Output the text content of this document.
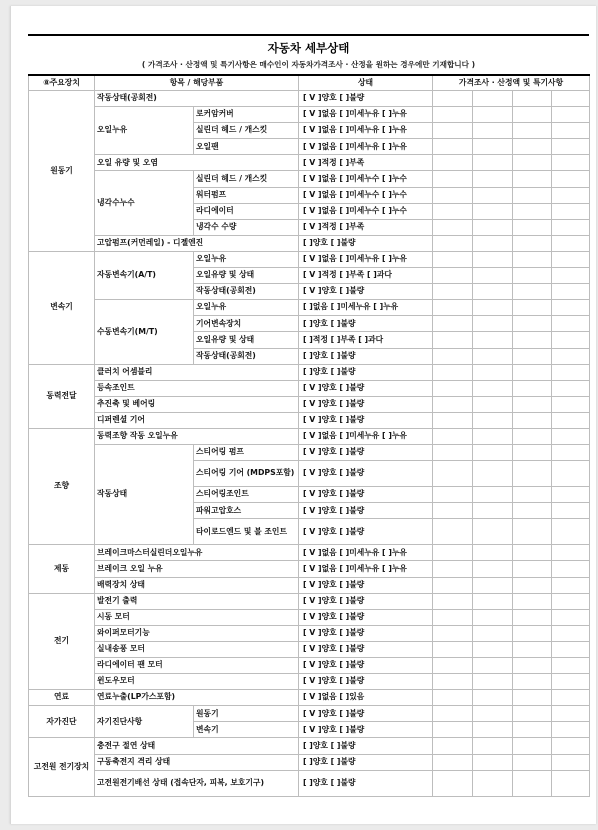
자동차 세부상태
( 가격조사 · 산정액 및 특기사항은 매수인이 자동차가격조사 · 산정을 원하는 경우에만 기재합니다 )
⑧주요장치	항목 / 해당부품		상태	가격조사 · 산정액 및 특기사항			
원동기	작동상태(공회전)		[ V ]양호 [ ]불량				
	오일누유	로커암커버	[ V ]없음 [ ]미세누유 [ ]누유				
		실린더 헤드 / 개스킷	[ V ]없음 [ ]미세누유 [ ]누유				
		오일팬	[ V ]없음 [ ]미세누유 [ ]누유				
	오일 유량 및 오염		[ V ]적정 [ ]부족				
	냉각수누수	실린더 헤드 / 개스킷	[ V ]없음 [ ]미세누수 [ ]누수				
		워터펌프	[ V ]없음 [ ]미세누수 [ ]누수				
		라디에이터	[ V ]없음 [ ]미세누수 [ ]누수				
		냉각수 수량	[ V ]적정 [ ]부족				
	고압펌프(커먼레일) - 디젤엔진		[ ]양호 [ ]불량				
변속기	자동변속기(A/T)	오일누유	[ V ]없음 [ ]미세누유 [ ]누유				
		오일유량 및 상태	[ V ]적정 [ ]부족 [ ]과다				
		작동상태(공회전)	[ V ]양호 [ ]불량				
	수동변속기(M/T)	오일누유	[ ]없음 [ ]미세누유 [ ]누유				
		기어변속장치	[ ]양호 [ ]불량				
		오일유량 및 상태	[ ]적정 [ ]부족 [ ]과다				
		작동상태(공회전)	[ ]양호 [ ]불량				
동력전달	클러치 어셈블리		[ ]양호 [ ]불량				
	등속조인트		[ V ]양호 [ ]불량				
	추진축 및 베어링		[ V ]양호 [ ]불량				
	디퍼렌셜 기어		[ V ]양호 [ ]불량				
조향	동력조향 작동 오일누유		[ V ]없음 [ ]미세누유 [ ]누유				
	작동상태	스티어링 펌프	[ V ]양호 [ ]불량				
		스티어링 기어 (MDPS포함)	[ V ]양호 [ ]불량				
		스티어링조인트	[ V ]양호 [ ]불량				
		파워고압호스	[ V ]양호 [ ]불량				
		타이로드엔드 및 볼 조인트	[ V ]양호 [ ]불량				
제동	브레이크마스터실린더오일누유		[ V ]없음 [ ]미세누유 [ ]누유				
	브레이크 오일 누유		[ V ]없음 [ ]미세누유 [ ]누유				
	배력장치 상태		[ V ]양호 [ ]불량				
전기	발전기 출력		[ V ]양호 [ ]불량				
	시동 모터		[ V ]양호 [ ]불량				
	와이퍼모터기능		[ V ]양호 [ ]불량				
	실내송풍 모터		[ V ]양호 [ ]불량				
	라디에이터 팬 모터		[ V ]양호 [ ]불량				
	윈도우모터		[ V ]양호 [ ]불량				
연료	연료누출(LP가스포함)		[ V ]없음 [ ]있음				
자가진단	자기진단사항	원동기	[ V ]양호 [ ]불량				
		변속기	[ V ]양호 [ ]불량				
고전원 전기장치	충전구 절연 상태		[ ]양호 [ ]불량				
	구동축전지 격리 상태		[ ]양호 [ ]불량				
	고전원전기배선 상태 (접속단자, 피복, 보호기구)		[ ]양호 [ ]불량				
